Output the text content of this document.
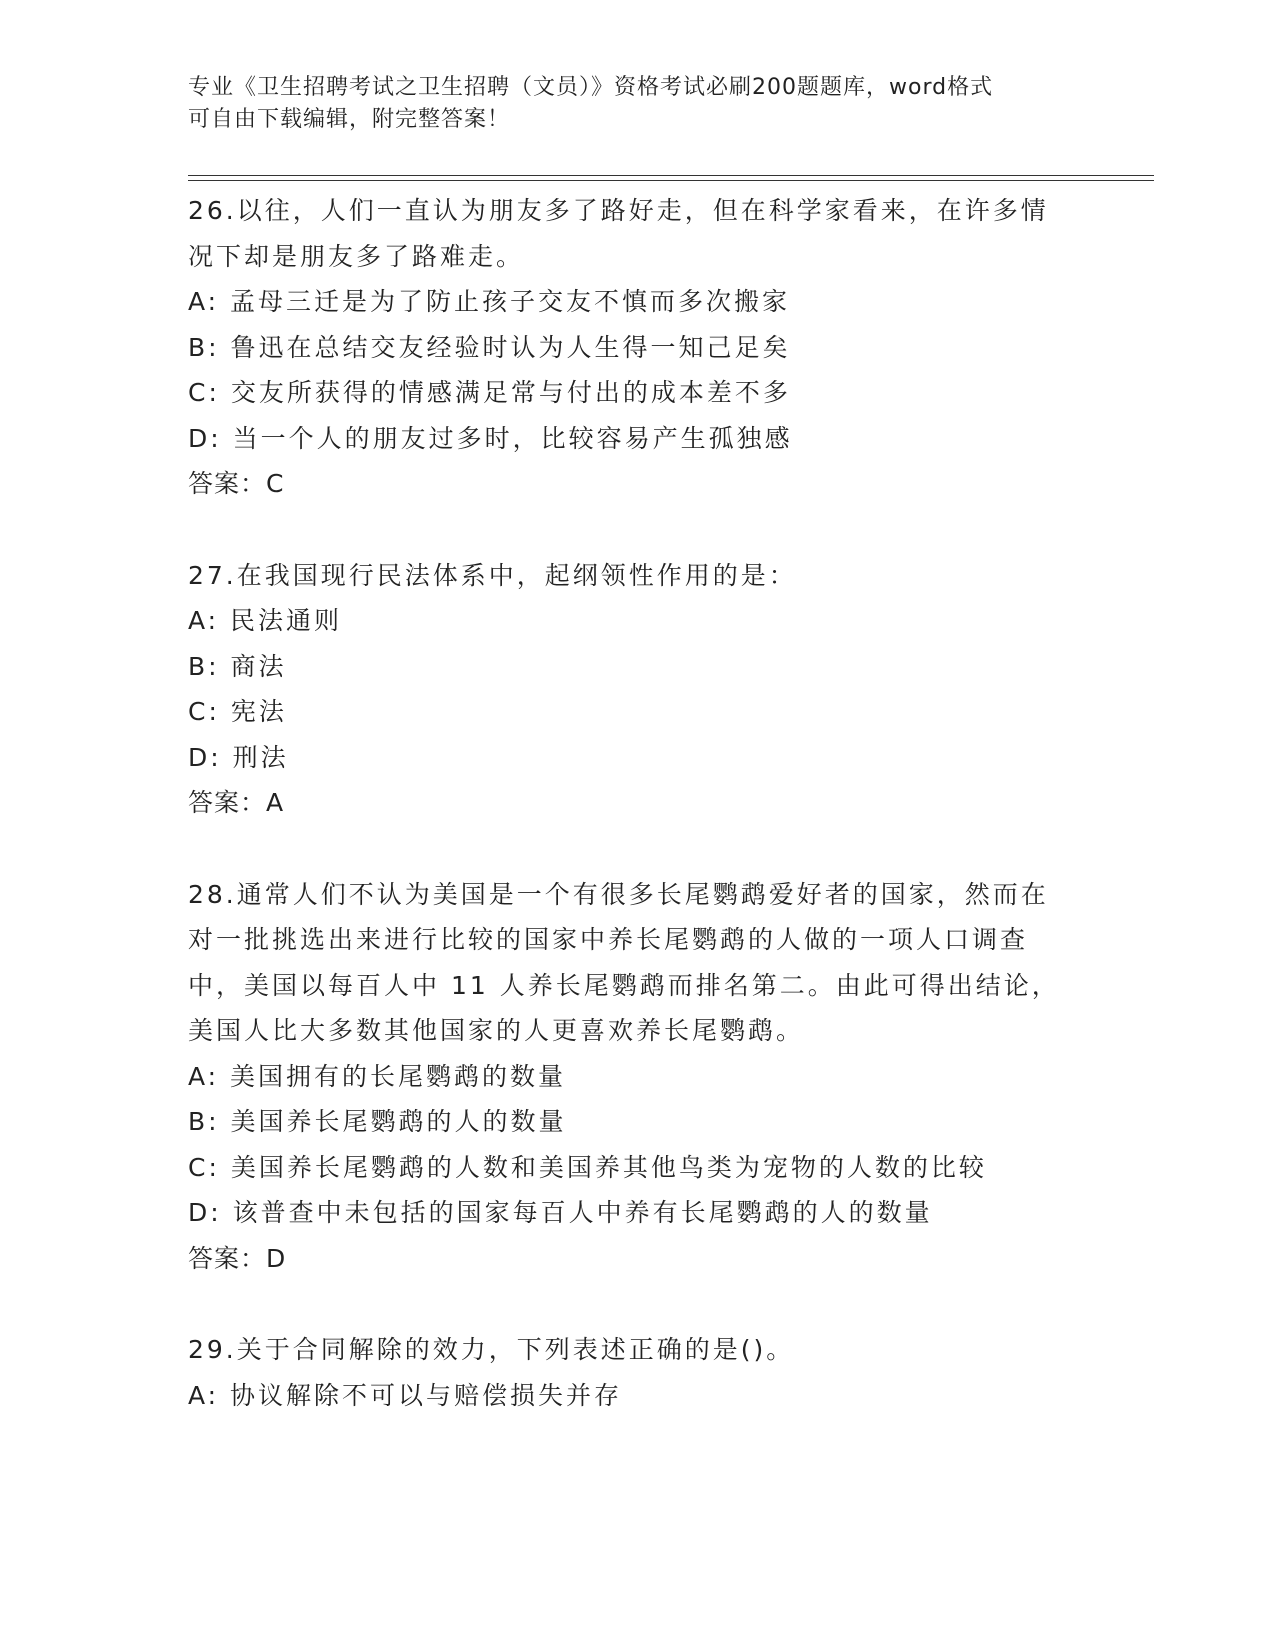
专业《卫生招聘考试之卫生招聘（文员）》资格考试必刷200题题库，word格式
可自由下载编辑，附完整答案！
26.以往，人们一直认为朋友多了路好走，但在科学家看来，在许多情
况下却是朋友多了路难走。
A: 孟母三迁是为了防止孩子交友不慎而多次搬家
B: 鲁迅在总结交友经验时认为人生得一知己足矣
C: 交友所获得的情感满足常与付出的成本差不多
D: 当一个人的朋友过多时，比较容易产生孤独感
答案：C
27.在我国现行民法体系中，起纲领性作用的是：
A: 民法通则
B: 商法
C: 宪法
D: 刑法
答案：A
28.通常人们不认为美国是一个有很多长尾鹦鹉爱好者的国家，然而在
对一批挑选出来进行比较的国家中养长尾鹦鹉的人做的一项人口调查
中，美国以每百人中 11 人养长尾鹦鹉而排名第二。由此可得出结论，
美国人比大多数其他国家的人更喜欢养长尾鹦鹉。
A: 美国拥有的长尾鹦鹉的数量
B: 美国养长尾鹦鹉的人的数量
C: 美国养长尾鹦鹉的人数和美国养其他鸟类为宠物的人数的比较
D: 该普查中未包括的国家每百人中养有长尾鹦鹉的人的数量
答案：D
29.关于合同解除的效力，下列表述正确的是()。
A: 协议解除不可以与赔偿损失并存
